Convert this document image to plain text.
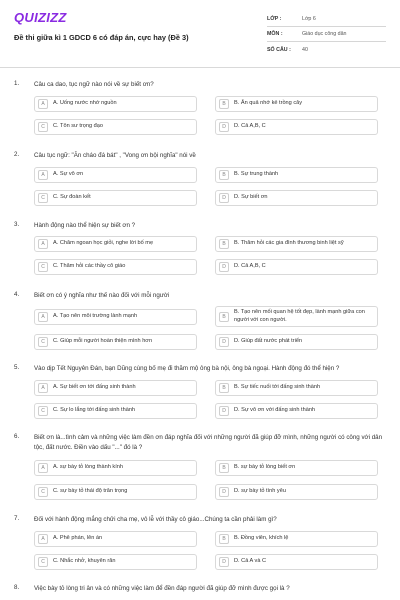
QUIZIZZ
Đề thi giữa kì 1 GDCD 6 có đáp án, cực hay (Đề 3)
LỚP :	Lớp 6
MÔN :	Giáo dục công dân
SỐ CÂU :	40
1. Câu ca dao, tục ngữ nào nói về sự biết ơn?
A	A. Uống nước nhớ nguồn	B	B. Ăn quả nhớ kẻ trồng cây
C	C. Tôn sư trọng đạo	D	D. Cả A,B, C
2. Câu tục ngữ: "Ăn cháo đá bát" , "Vong ơn bội nghĩa" nói về
A	A. Sự vô ơn	B	B. Sự trung thành
C	C. Sự đoàn kết	D	D. Sự biết ơn
3. Hành động nào thể hiện sự biết ơn ?
A	A. Chăm ngoan học giỏi, nghe lời bố mẹ	B	B. Thăm hỏi các gia đình thương binh liệt sỹ
C	C. Thăm hỏi các thầy cô giáo	D	D. Cả A,B, C
4. Biết ơn có ý nghĩa như thế nào đối với mỗi người
A	A. Tạo nên môi trường lành mạnh	B
B. Tạo nên mối quan hệ tốt đẹp, lành mạnh giữa con người với con người.
C	C. Giúp mỗi người hoàn thiện mình hơn	D	D. Giúp đất nước phát triển
5. Vào dịp Tết Nguyên Đán, bạn Dũng cùng bố mẹ đi thăm mộ ông bà nội, ông bà ngoại. Hành động đó thể hiện ?
A	A. Sự biết ơn tới đấng sinh thành	B	B. Sự tiếc nuối tới đấng sinh thành
C	C. Sự lo lắng tới đấng sinh thành	D	D. Sự vô ơn với đấng sinh thành
6. Biết ơn là...tình cảm và những việc làm đền ơn đáp nghĩa đối với những người đã giúp đỡ mình, những người có công với dân tộc, đất nước. Điền vào dấu "..." đó là ?
A	A. sự bày tỏ lòng thành kính	B	B. sự bày tỏ lòng biết ơn
C	C. sự bày tỏ thái độ trân trọng	D	D. sự bày tỏ tình yêu
7. Đối với hành động mắng chửi cha mẹ, vô lễ với thầy cô giáo...Chúng ta cần phải làm gì?
A	A. Phê phán, lên án	B	B. Đồng viên, khích lệ
C	C. Nhắc nhở, khuyên răn	D	D. Cả A và C
8. Việc bày tỏ lòng tri ân và có những việc làm để đền đáp người đã giúp đỡ mình được gọi là ?
